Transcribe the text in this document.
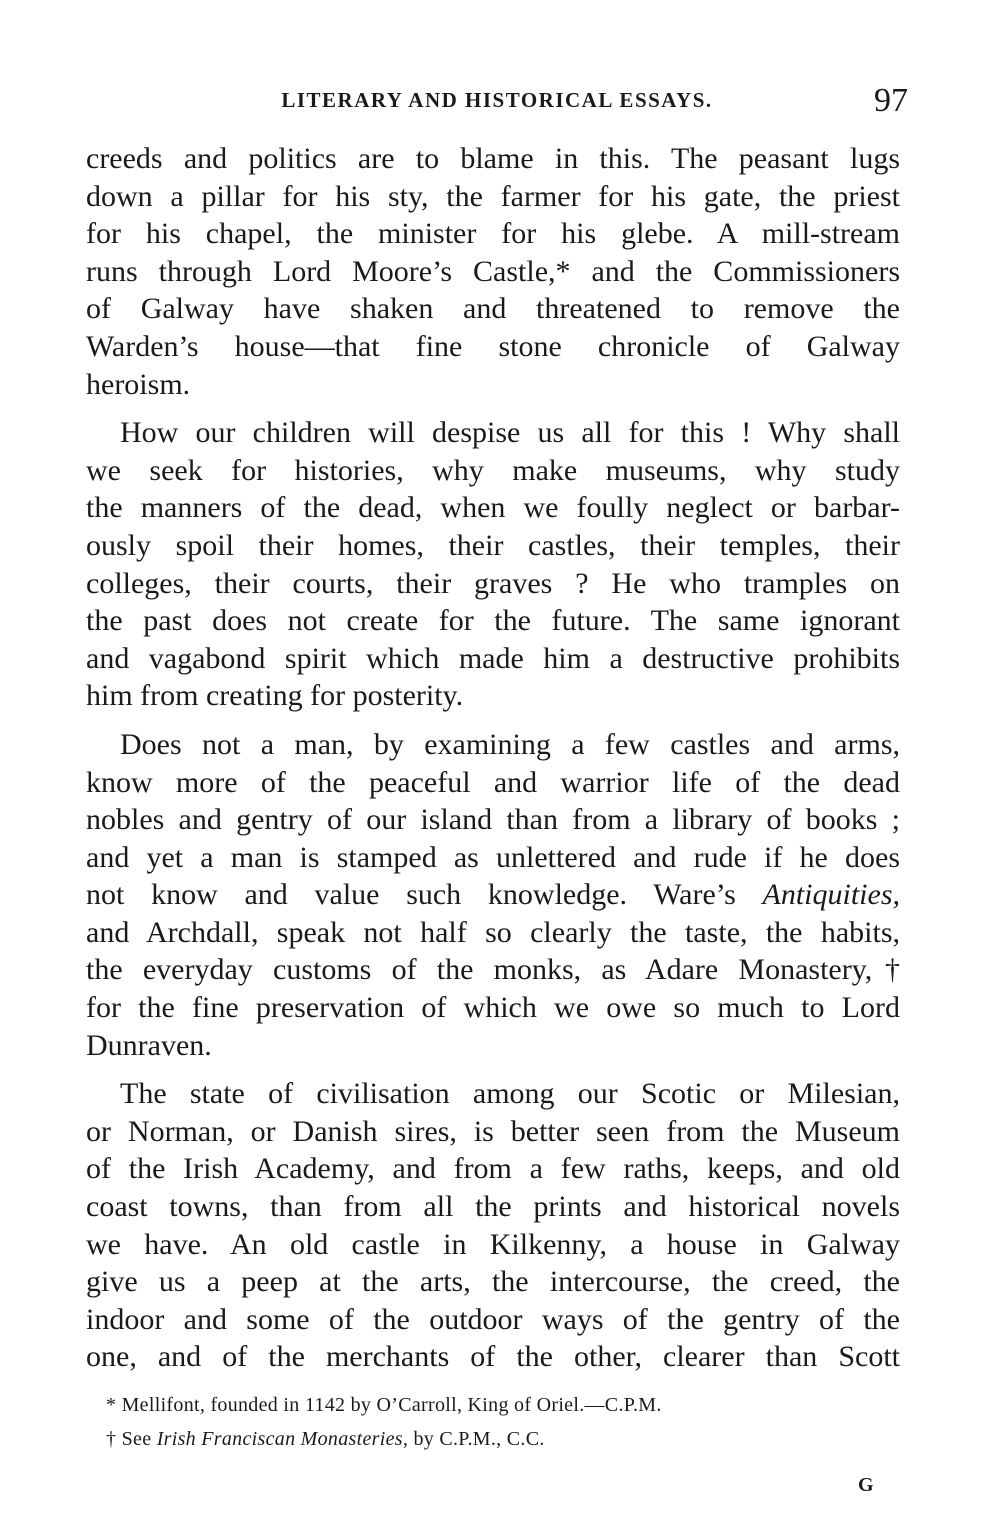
LITERARY AND HISTORICAL ESSAYS.	97

creeds and politics are to blame in this. The peasant lugs
down a pillar for his sty, the farmer for his gate, the priest
for his chapel, the minister for his glebe. A mill-stream
runs through Lord Moore’s Castle,* and the Commissioners
of Galway have shaken and threatened to remove the
Warden’s house—that fine stone chronicle of Galway
heroism.

How our children will despise us all for this ! Why shall
we seek for histories, why make museums, why study
the manners of the dead, when we foully neglect or barbar-
ously spoil their homes, their castles, their temples, their
colleges, their courts, their graves ? He who tramples on
the past does not create for the future. The same ignorant
and vagabond spirit which made him a destructive prohibits
him from creating for posterity.

Does not a man, by examining a few castles and arms,
know more of the peaceful and warrior life of the dead
nobles and gentry of our island than from a library of books ;
and yet a man is stamped as unlettered and rude if he does
not know and value such knowledge. Ware’s Antiquities,
and Archdall, speak not half so clearly the taste, the habits,
the everyday customs of the monks, as Adare Monastery,†
for the fine preservation of which we owe so much to Lord
Dunraven.

The state of civilisation among our Scotic or Milesian,
or Norman, or Danish sires, is better seen from the Museum
of the Irish Academy, and from a few raths, keeps, and old
coast towns, than from all the prints and historical novels
we have. An old castle in Kilkenny, a house in Galway
give us a peep at the arts, the intercourse, the creed, the
indoor and some of the outdoor ways of the gentry of the
one, and of the merchants of the other, clearer than Scott

* Mellifont, founded in 1142 by O’Carroll, King of Oriel.—C.P.M.
† See Irish Franciscan Monasteries, by C.P.M., C.C.
G
